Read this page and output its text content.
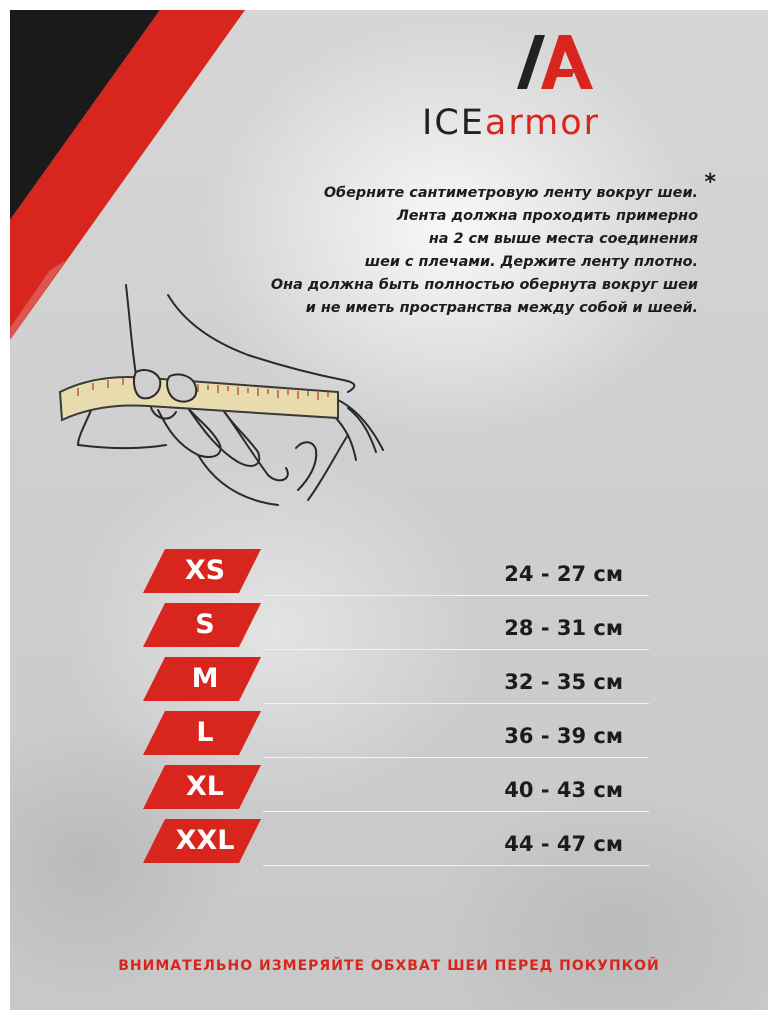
ICEarmor
*
Оберните сантиметровую ленту вокруг шеи.
Лента должна проходить примерно
на 2 см выше места соединения
шеи с плечами. Держите ленту плотно.
Она должна быть полностью обернута вокруг шеи
и не иметь пространства между собой и шеей.
XS	24 - 27 см
S	28 - 31 см
M	32 - 35 см
L	36 - 39 см
XL	40 - 43 см
XXL	44 - 47 см
ВНИМАТЕЛЬНО ИЗМЕРЯЙТЕ ОБХВАТ ШЕИ ПЕРЕД ПОКУПКОЙ
